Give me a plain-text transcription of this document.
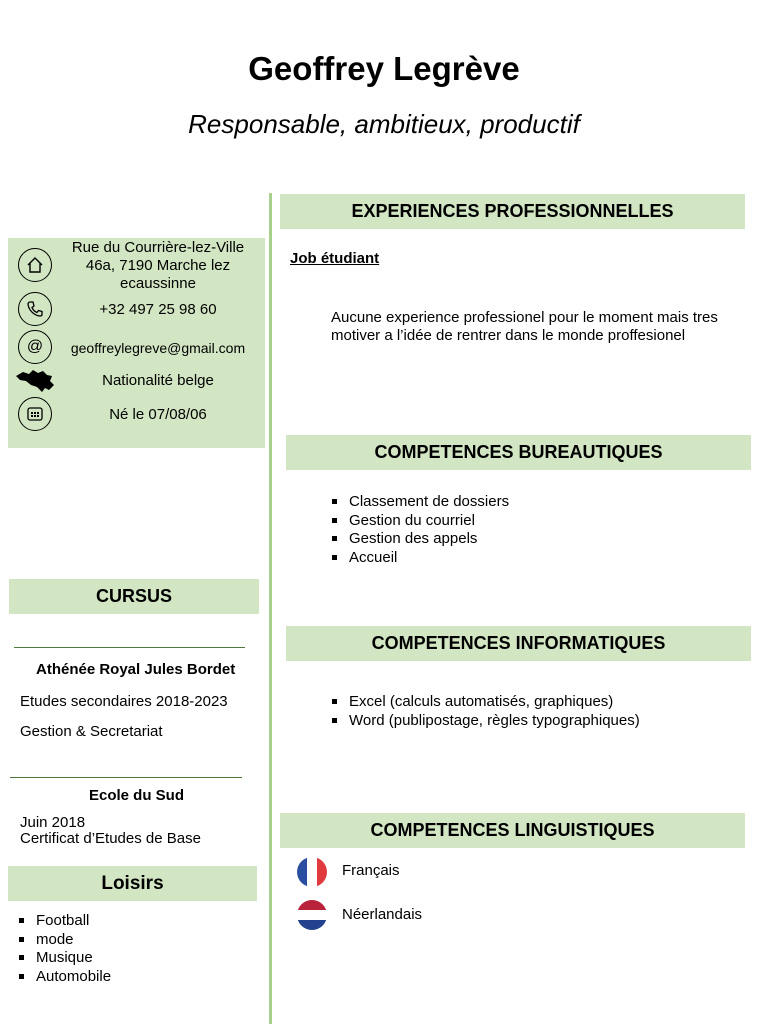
Geoffrey Legrève
Responsable, ambitieux, productif
Rue du Courrière-lez-Ville 46a, 7190 Marche lez ecaussinne
+32 497 25 98 60
@	geoffreylegreve@gmail.com
Nationalité belge
Né le 07/08/06
CURSUS
Athénée Royal Jules Bordet
Etudes secondaires 2018-2023
Gestion & Secretariat
Ecole du Sud
Juin 2018
Certificat d’Etudes de Base
Loisirs
Football
mode
Musique
Automobile
EXPERIENCES PROFESSIONNELLES
Job étudiant
Aucune experience professionel pour le moment mais tres motiver a l’idée de rentrer dans le monde proffesionel
COMPETENCES BUREAUTIQUES
Classement de dossiers
Gestion du courriel
Gestion des appels
Accueil
COMPETENCES INFORMATIQUES
Excel (calculs automatisés, graphiques)
Word (publipostage, règles typographiques)
COMPETENCES LINGUISTIQUES
Français
Néerlandais
